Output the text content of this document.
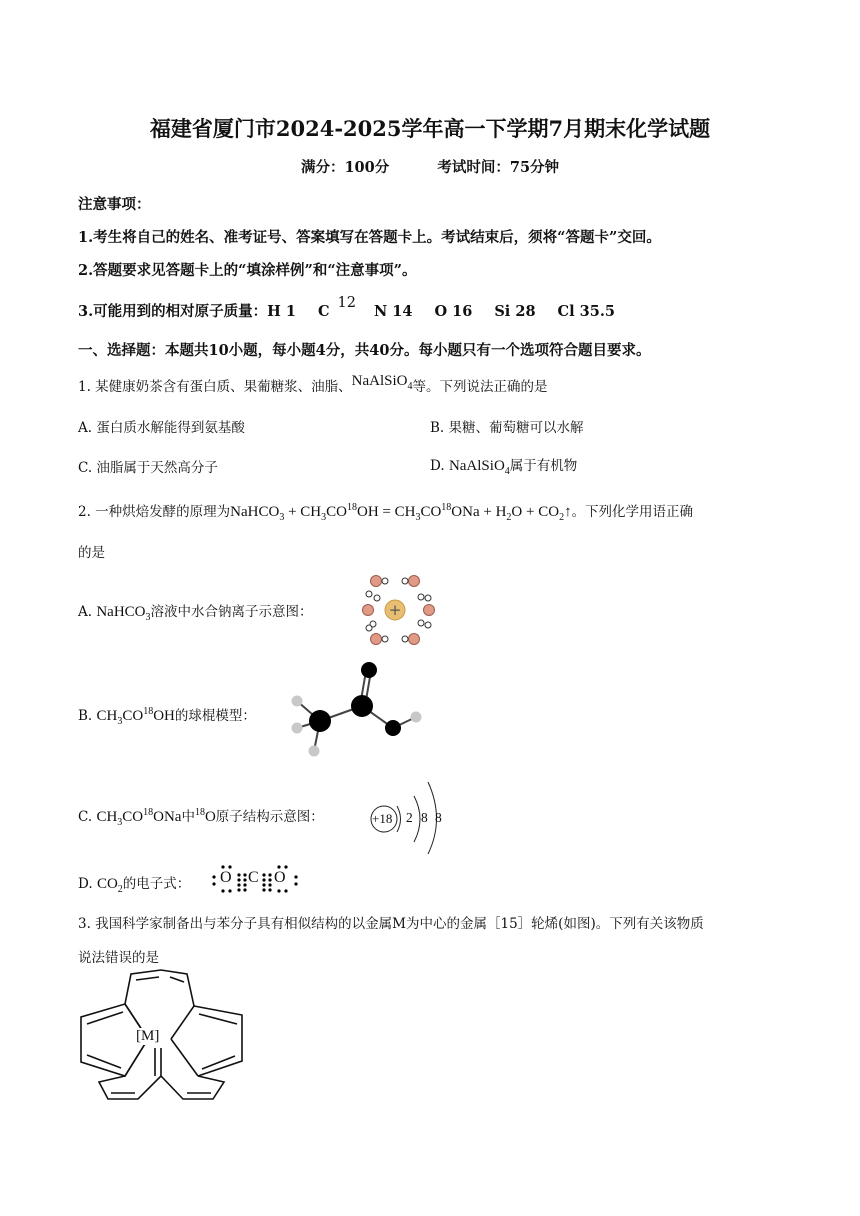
福建省厦门市2024-2025学年高一下学期7月期末化学试题
满分：100分	考试时间：75分钟
注意事项：
1.考生将自己的姓名、准考证号、答案填写在答题卡上。考试结束后，须将“答题卡”交回。
2.答题要求见答题卡上的“填涂样例”和“注意事项”。
3.可能用到的相对原子质量：H 1 C 12 N 14 O 16 Si 28 Cl 35.5
一、选择题：本题共10小题，每小题4分，共40分。每小题只有一个选项符合题目要求。
1. 某健康奶茶含有蛋白质、果葡糖浆、油脂、NaAlSiO$_4$等。下列说法正确的是
A. 蛋白质水解能得到氨基酸	B. 果糖、葡萄糖可以水解
C. 油脂属于天然高分子	D. NaAlSiO$_4$属于有机物
2. 一种烘焙发酵的原理为NaHCO$_3$ + $CH_3CO^{18}OH = CH_3CO^{18}ONa + H_2O$ + $CO_2↑$。下列化学用语正确
的是
A. NaHCO$_3$溶液中水合钠离子示意图：	+
B. $CH_3CO^{18}OH$的球棍模型：
C. $CH_3CO^{18}ONa$中$^{18}$O原子结构示意图：	+18 2 8 8
D. $CO_2$的电子式： O C O
3. 我国科学家制备出与苯分子具有相似结构的以金属M为中心的金属［15］轮烯(如图)。下列有关该物质
说法错误的是
[M]
